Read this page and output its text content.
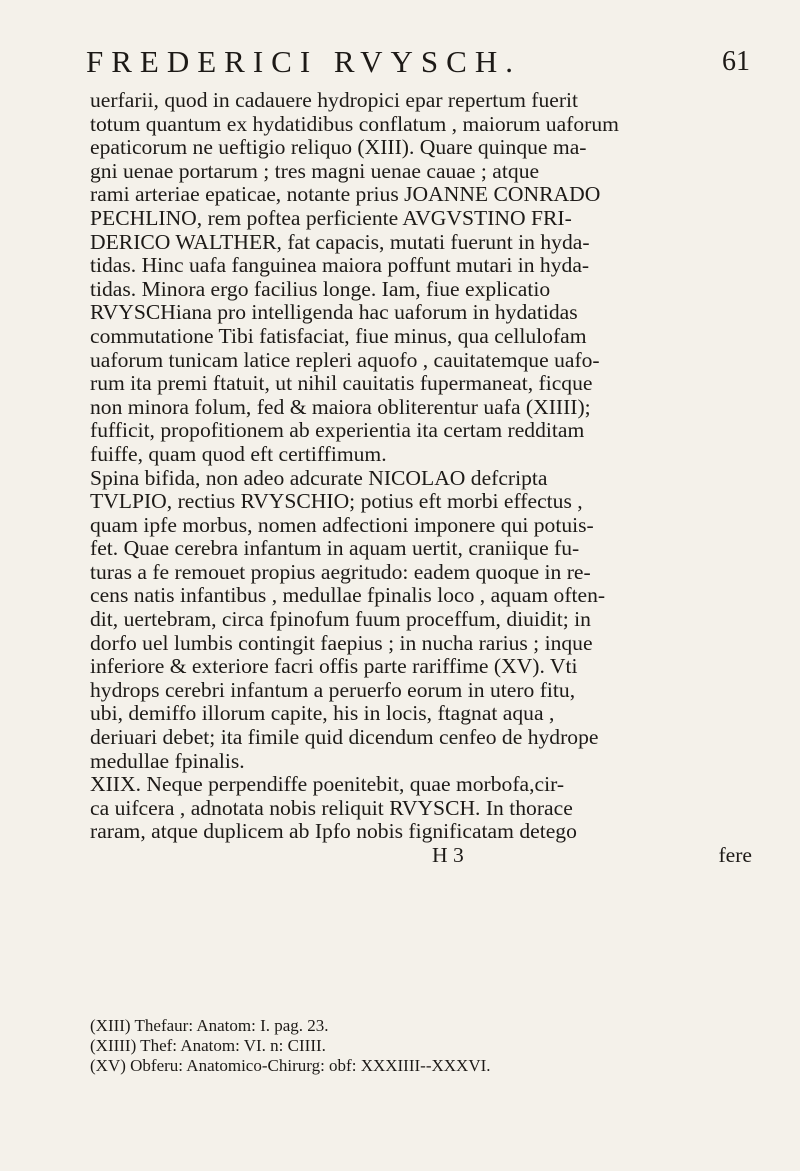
FREDERICI RVYSCH.	61
uerfarii, quod in cadauere hydropici epar repertum fuerit
totum quantum ex hydatidibus conflatum , maiorum uaforum
epaticorum ne ueftigio reliquo (XIII). Quare quinque ma-
gni uenae portarum ; tres magni uenae cauae ; atque
rami arteriae epaticae, notante prius JOANNE CONRADO
PECHLINO, rem poftea perficiente AVGVSTINO FRI-
DERICO WALTHER, fat capacis, mutati fuerunt in hyda-
tidas. Hinc uafa fanguinea maiora poffunt mutari in hyda-
tidas. Minora ergo facilius longe. Iam, fiue explicatio
RVYSCHiana pro intelligenda hac uaforum in hydatidas
commutatione Tibi fatisfaciat, fiue minus, qua cellulofam
uaforum tunicam latice repleri aquofo , cauitatemque uafo-
rum ita premi ftatuit, ut nihil cauitatis fupermaneat, ficque
non minora folum, fed & maiora obliterentur uafa (XIIII);
fufficit, propofitionem ab experientia ita certam redditam
fuiffe, quam quod eft certiffimum.
Spina bifida, non adeo adcurate NICOLAO defcripta
TVLPIO, rectius RVYSCHIO; potius eft morbi effectus ,
quam ipfe morbus, nomen adfectioni imponere qui potuis-
fet. Quae cerebra infantum in aquam uertit, craniique fu-
turas a fe remouet propius aegritudo: eadem quoque in re-
cens natis infantibus , medullae fpinalis loco , aquam often-
dit, uertebram, circa fpinofum fuum proceffum, diuidit; in
dorfo uel lumbis contingit faepius ; in nucha rarius ; inque
inferiore & exteriore facri offis parte rariffime (XV). Vti
hydrops cerebri infantum a peruerfo eorum in utero fitu,
ubi, demiffo illorum capite, his in locis, ftagnat aqua ,
deriuari debet; ita fimile quid dicendum cenfeo de hydrope
medullae fpinalis.
XIIX. Neque perpendiffe poenitebit, quae morbofa,cir-
ca uifcera , adnotata nobis reliquit RVYSCH. In thorace
raram, atque duplicem ab Ipfo nobis fignificatam detego
H 3	fere
(XIII) Thefaur: Anatom: I. pag. 23.
(XIIII) Thef: Anatom: VI. n: CIIII.
(XV) Obferu: Anatomico-Chirurg: obf: XXXIIII--XXXVI.
